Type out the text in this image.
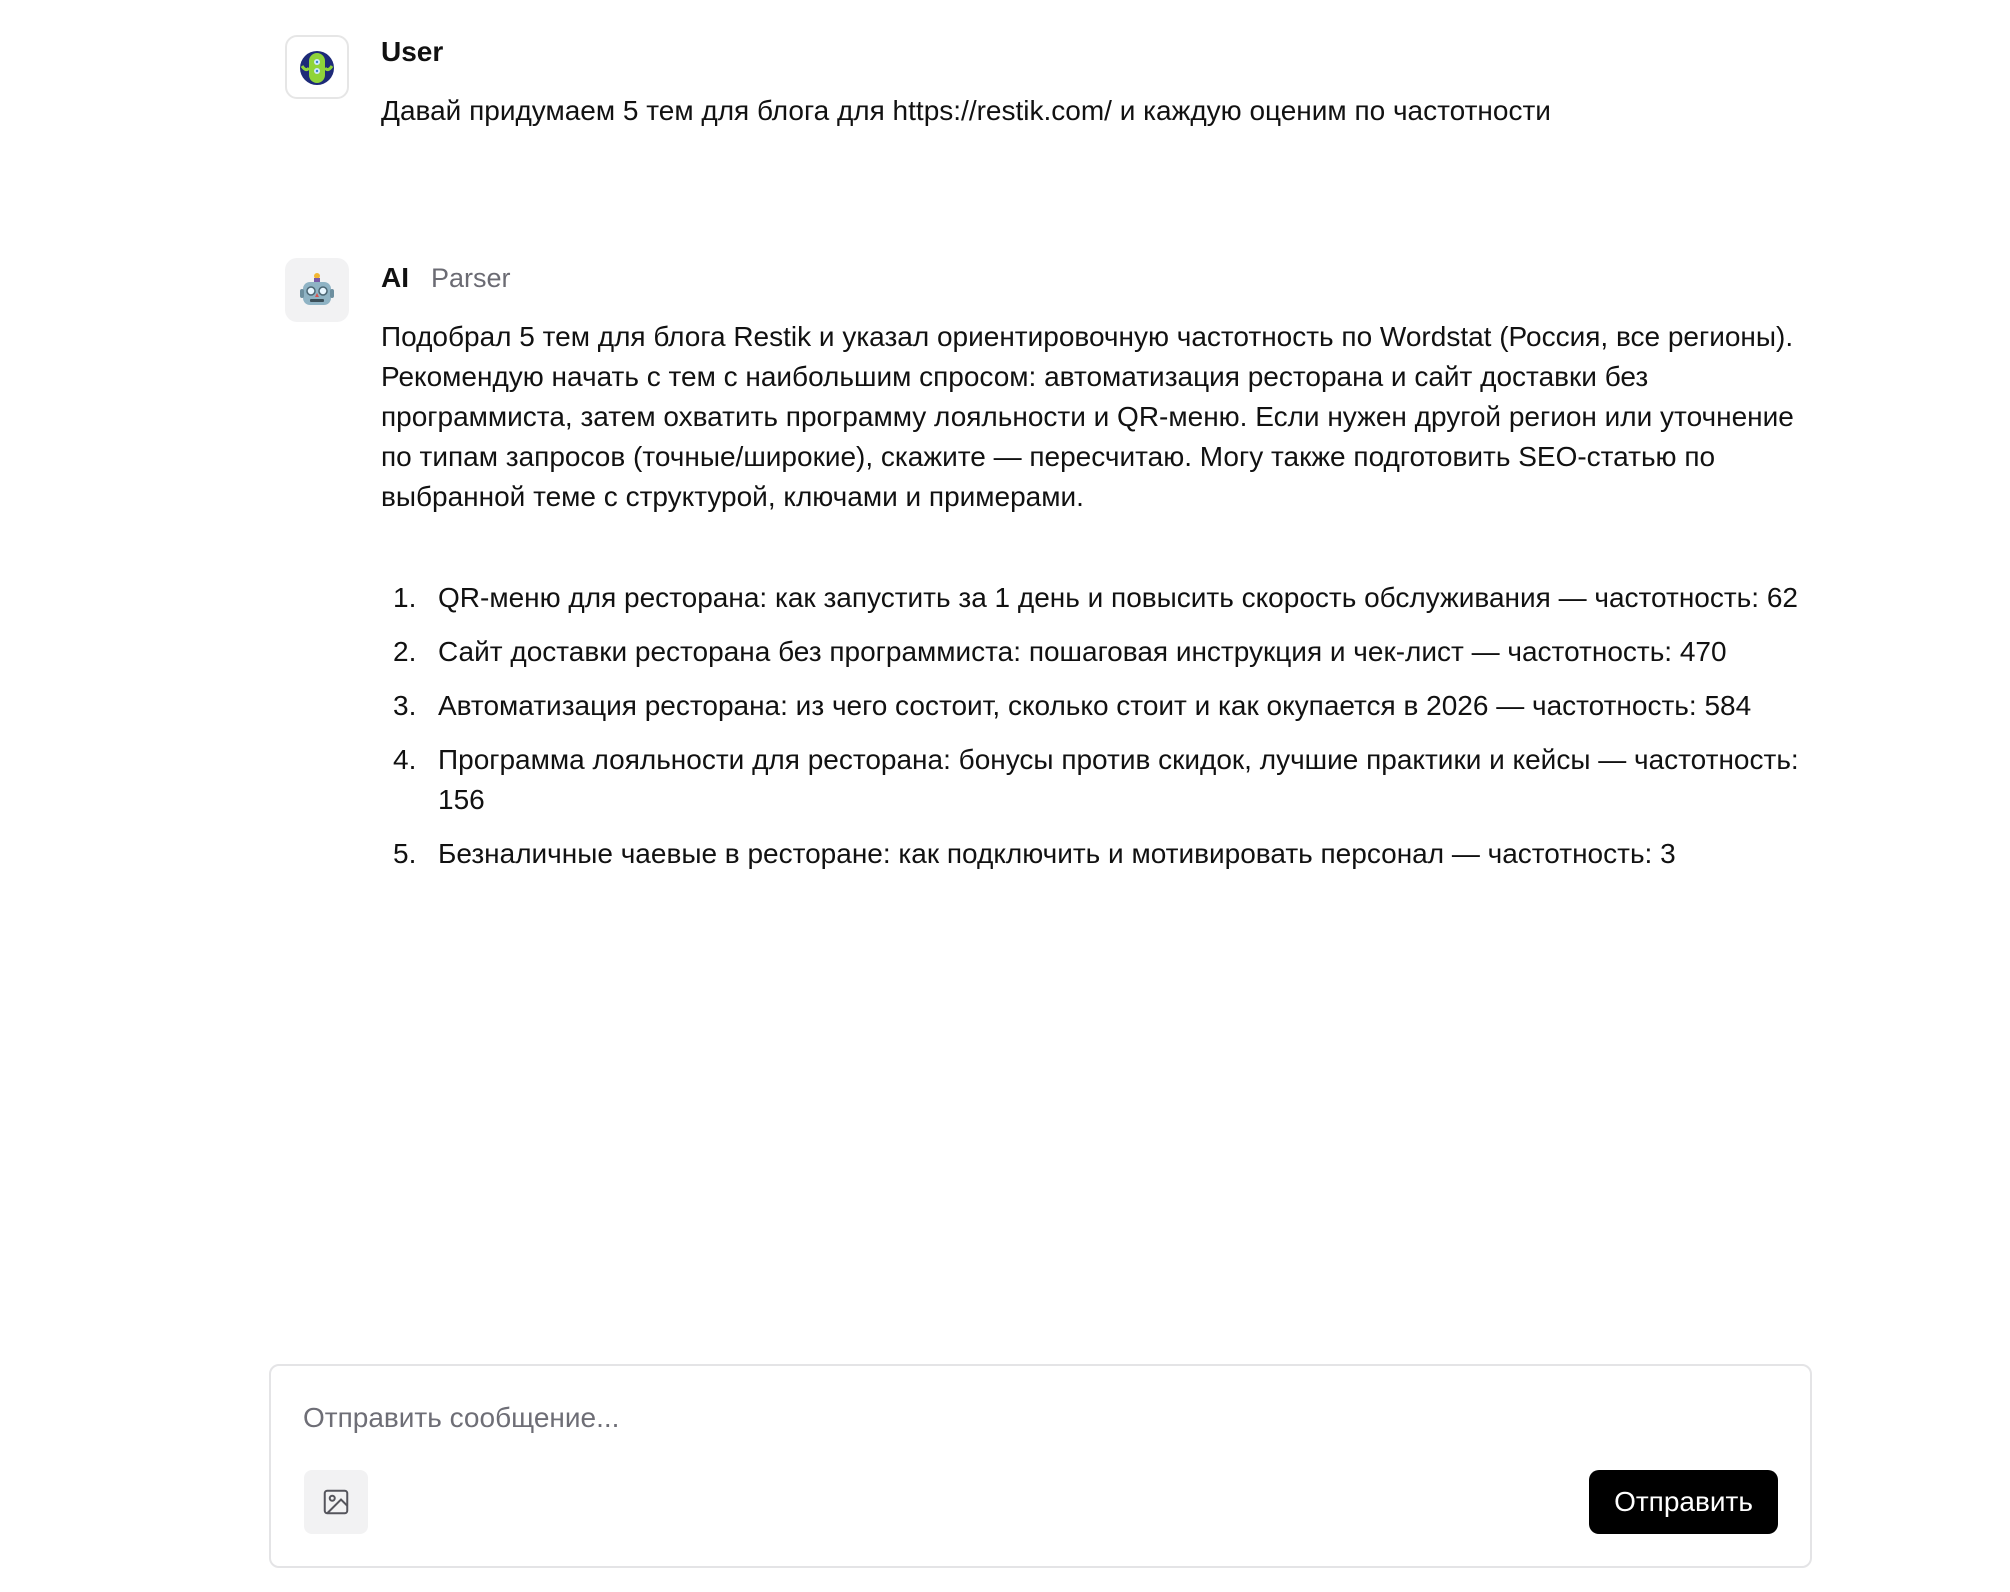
User
Давай придумаем 5 тем для блога для https://restik.com/ и каждую оценим по частотности
AI Parser
Подобрал 5 тем для блога Restik и указал ориентировочную частотность по Wordstat (Россия, все регионы). Рекомендую начать с тем с наибольшим спросом: автоматизация ресторана и сайт доставки без программиста, затем охватить программу лояльности и QR-меню. Если нужен другой регион или уточнение по типам запросов (точные/широкие), скажите — пересчитаю. Могу также подготовить SEO-статью по выбранной теме с структурой, ключами и примерами.
1. QR-меню для ресторана: как запустить за 1 день и повысить скорость обслуживания — частотность: 62
2. Сайт доставки ресторана без программиста: пошаговая инструкция и чек-лист — частотность: 470
3. Автоматизация ресторана: из чего состоит, сколько стоит и как окупается в 2026 — частотность: 584
4. Программа лояльности для ресторана: бонусы против скидок, лучшие практики и кейсы — частотность: 156
5. Безналичные чаевые в ресторане: как подключить и мотивировать персонал — частотность: 3
Отправить сообщение...
Отправить
